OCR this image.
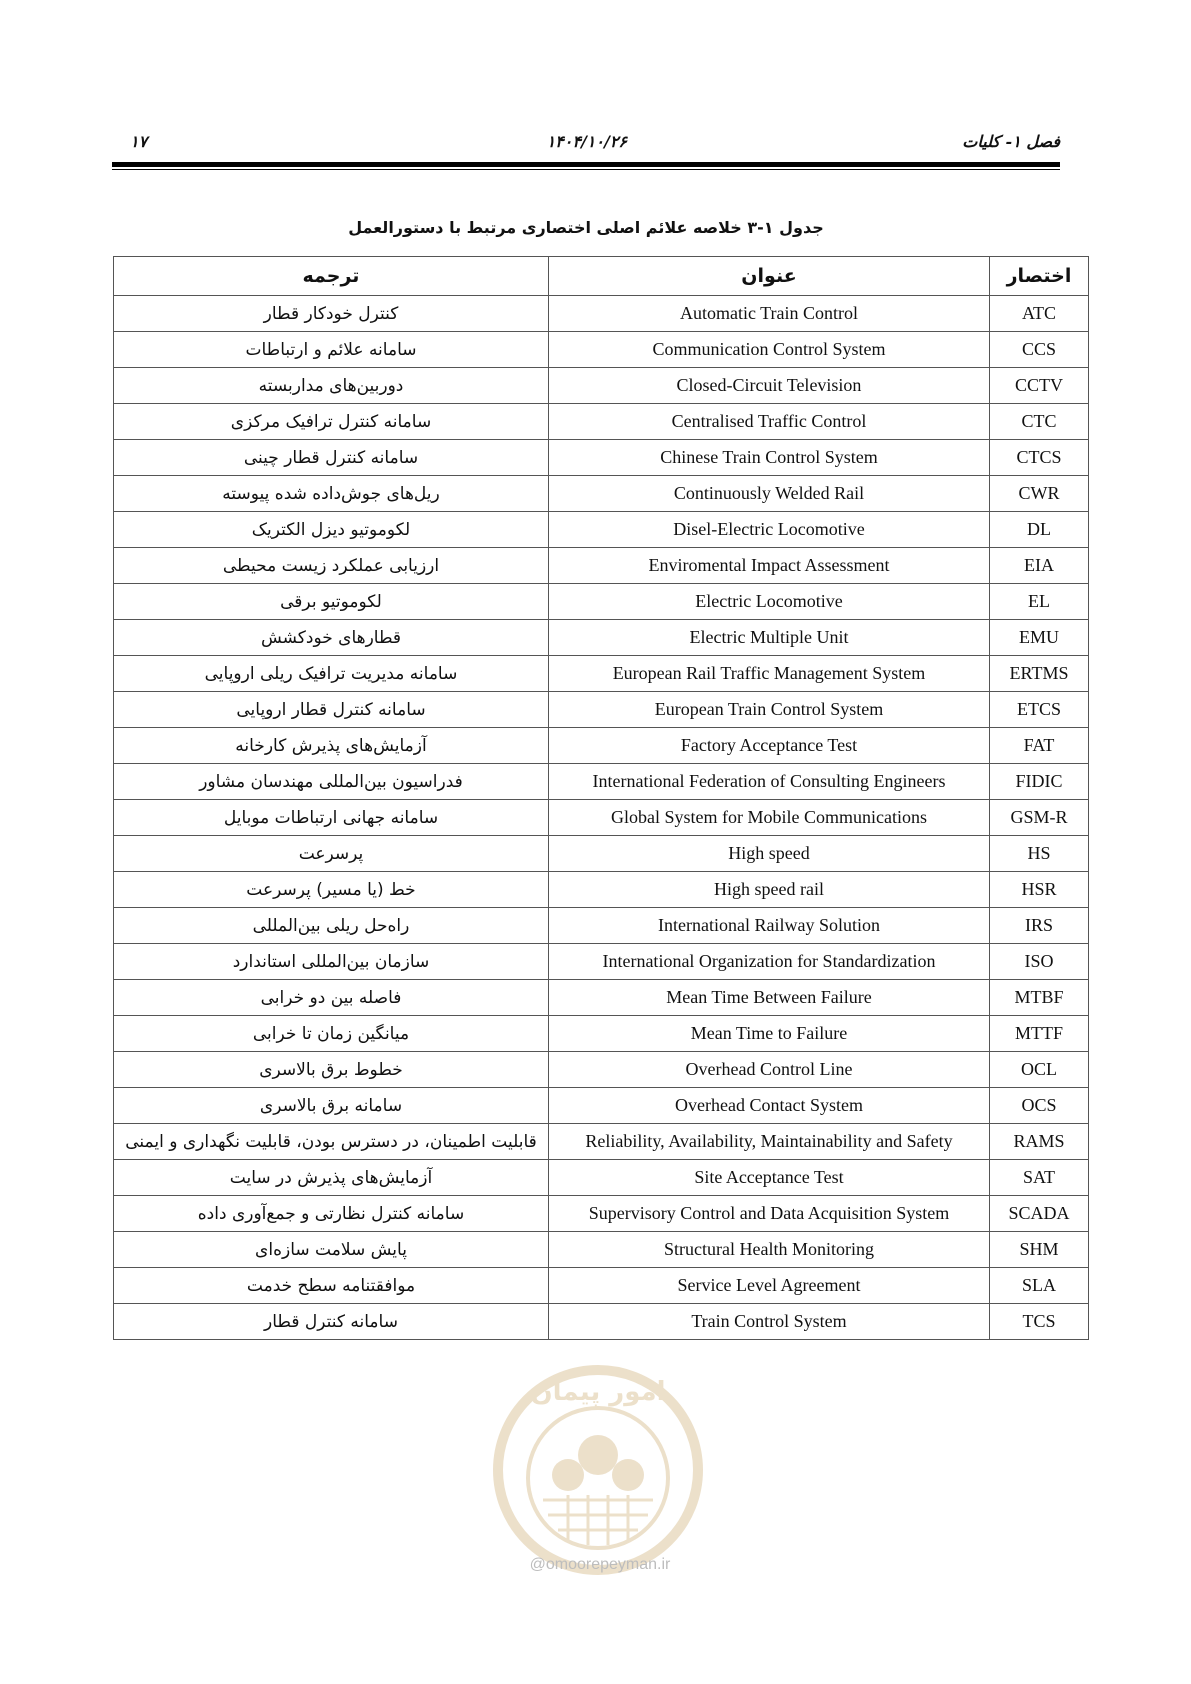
فصل ۱- کلیات
۱۴۰۴/۱۰/۲۶
۱۷
جدول ۱-۳ خلاصه علائم اصلی اختصاری مرتبط با دستورالعمل
اختصار	عنوان	ترجمه
ATC	Automatic Train Control	کنترل خودکار قطار
CCS	Communication Control System	سامانه علائم و ارتباطات
CCTV	Closed-Circuit Television	دوربین‌های مداربسته
CTC	Centralised Traffic Control	سامانه کنترل ترافیک مرکزی
CTCS	Chinese Train Control System	سامانه کنترل قطار چینی
CWR	Continuously Welded Rail	ریل‌های جوش‌داده شده پیوسته
DL	Disel-Electric Locomotive	لکوموتیو دیزل الکتریک
EIA	Enviromental Impact Assessment	ارزیابی عملکرد زیست محیطی
EL	Electric Locomotive	لکوموتیو برقی
EMU	Electric Multiple Unit	قطارهای خودکشش
ERTMS	European Rail Traffic Management System	سامانه مدیریت ترافیک ریلی اروپایی
ETCS	European Train Control System	سامانه کنترل قطار اروپایی
FAT	Factory Acceptance Test	آزمایش‌های پذیرش کارخانه
FIDIC	International Federation of Consulting Engineers	فدراسیون بین‌المللی مهندسان مشاور
GSM-R	Global System for Mobile Communications	سامانه جهانی ارتباطات موبایل
HS	High speed	پرسرعت
HSR	High speed rail	خط (یا مسیر) پرسرعت
IRS	International Railway Solution	راه‌حل ریلی بین‌المللی
ISO	International Organization for Standardization	سازمان بین‌المللی استاندارد
MTBF	Mean Time Between Failure	فاصله بین دو خرابی
MTTF	Mean Time to Failure	میانگین زمان تا خرابی
OCL	Overhead Control Line	خطوط برق بالاسری
OCS	Overhead Contact System	سامانه برق بالاسری
RAMS	Reliability, Availability, Maintainability and Safety	قابلیت اطمینان، در دسترس بودن، قابلیت نگهداری و ایمنی
SAT	Site Acceptance Test	آزمایش‌های پذیرش در سایت
SCADA	Supervisory Control and Data Acquisition System	سامانه کنترل نظارتی و جمع‌آوری داده
SHM	Structural Health Monitoring	پایش سلامت سازه‌ای
SLA	Service Level Agreement	موافقتنامه سطح خدمت
TCS	Train Control System	سامانه کنترل قطار
امور پیمان
@omoorepeyman.ir
